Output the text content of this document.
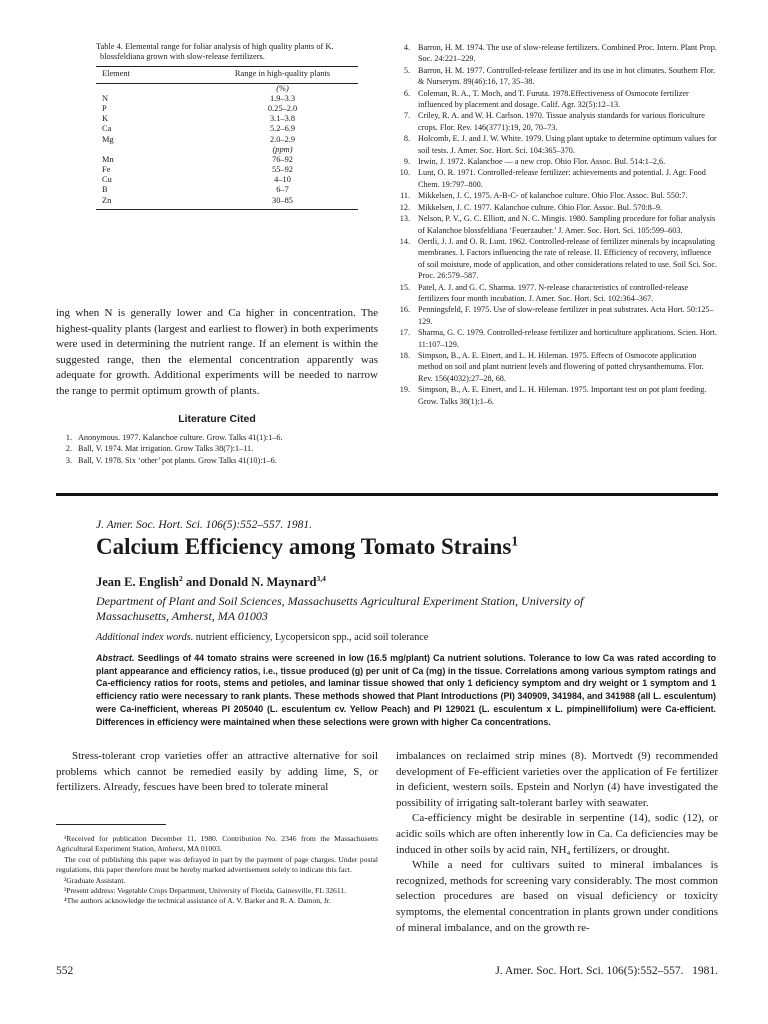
Table 4. Elemental range for foliar analysis of high quality plants of K. blossfeldiana grown with slow-release fertilizers.

Element	Range in high-quality plants
(%)
N	1.9–3.3
P	0.25–2.0
K	3.1–3.8
Ca	5.2–6.9
Mg	2.0–2.9
(ppm)
Mn	76–92
Fe	55–92
Cu	4–10
B	6–7
Zn	30–85
ing when N is generally lower and Ca higher in concentration. The highest-quality plants (largest and earliest to flower) in both experiments were used in determining the nutrient range. If an element is within the suggested range, then the elemental concentration apparently was adequate for growth. Additional experiments will be needed to narrow the range to permit optimum growth of plants.
Literature Cited
1. Anonymous. 1977. Kalanchoe culture. Grow. Talks 41(1):1–6.
2. Ball, V. 1974. Mat irrigation. Grow Talks 38(7):1–11.
3. Ball, V. 1978. Six ‘other’ pot plants. Grow Talks 41(10):1–6.
4. Barron, H. M. 1974. The use of slow-release fertilizers. Combined Proc. Intern. Plant Prop. Soc. 24:221–229.
5. Barron, H. M. 1977. Controlled-release fertilizer and its use in hot climates. Southern Flor. & Nurserym. 89(46):16, 17, 35–38.
6. Coleman, R. A., T. Moch, and T. Furuta. 1978.Effectiveness of Osmocote fertilizer influenced by placement and dosage. Calif. Agr. 32(5):12–13.
7. Criley, R. A. and W. H. Carlson. 1970. Tissue analysis standards for various floriculture crops. Flor. Rev. 146(3771):19, 20, 70–73.
8. Holcomb, E. J. and J. W. White. 1979. Using plant uptake to determine optimum values for soil tests. J. Amer. Soc. Hort. Sci. 104:365–370.
9. Irwin, J. 1972. Kalanchoe — a new crop. Ohio Flor. Assoc. Bul. 514:1–2,6.
10. Lunt, O. R. 1971. Controlled-release fertilizer: achievements and potential. J. Agr. Food Chem. 19:797–800.
11. Mikkelsen, J. C. 1975. A-B-C- of kalanchoe culture. Ohio Flor. Assoc. Bul. 550:7.
12. Mikkelsen, J. C. 1977. Kalanchoe culture. Ohio Flor. Assoc. Bul. 570:8–9.
13. Nelson, P. V., G. C. Elliott, and N. C. Mingis. 1980. Sampling procedure for foliar analysis of Kalanchoe blossfeldiana ‘Feuerzauber.’ J. Amer. Soc. Hort. Sci. 105:599–603.
14. Oertli, J. J. and O. R. Lunt. 1962. Controlled-release of fertilizer minerals by incapsulating membranes. I. Factors influencing the rate of release. II. Efficiency of recovery, influence of soil moisture, mode of application, and other considerations related to use. Soil Sci. Soc. Proc. 26:579–587.
15. Patel, A. J. and G. C. Sharma. 1977. N-release characteristics of controlled-release fertilizers four month incubation. J. Amer. Soc. Hort. Sci. 102:364–367.
16. Penningsfeld, F. 1975. Use of slow-release fertilizer in peat substrates. Acta Hort. 50:125–129.
17. Sharma, G. C. 1979. Controlled-release fertilizer and horticulture applications. Scien. Hort. 11:107–129.
18. Simpson, B., A. E. Einert, and L. H. Hileman. 1975. Effects of Osmocote application method on soil and plant nutrient levels and flowering of potted chrysanthemums. Flor. Rev. 156(4032):27–28, 68.
19. Simpson, B., A. E. Einert, and L. H. Hileman. 1975. Important test on pot plant feeding. Grow. Talks 38(1):1–6.
J. Amer. Soc. Hort. Sci. 106(5):552–557. 1981.
Calcium Efficiency among Tomato Strains$^1$
Jean E. English$^2$ and Donald N. Maynard$^{3,4}$
Department of Plant and Soil Sciences, Massachusetts Agricultural Experiment Station, University of Massachusetts, Amherst, MA 01003
Additional index words. nutrient efficiency, Lycopersicon spp., acid soil tolerance
Abstract. Seedlings of 44 tomato strains were screened in low (16.5 mg/plant) Ca nutrient solutions. Tolerance to low Ca was rated according to plant appearance and efficiency ratios, i.e., tissue produced (g) per unit of Ca (mg) in the tissue. Correlations among various symptom ratings and Ca-efficiency ratios for roots, stems and petioles, and laminar tissue showed that only 1 deficiency symptom and dry weight or 1 symptom and 1 efficiency ratio were necessary to rank plants. These methods showed that Plant Introductions (PI) 340909, 341984, and 341988 (all L. esculentum) were Ca-inefficient, whereas PI 205040 (L. esculentum cv. Yellow Peach) and PI 129021 (L. esculentum x L. pimpinellifolium) were Ca-efficient. Differences in efficiency were maintained when these selections were grown with higher Ca concentrations.

Stress-tolerant crop varieties offer an attractive alternative for soil problems which cannot be remedied easily by adding lime, S, or fertilizers. Already, fescues have been bred to tolerate mineral

¹Received for publication December 11, 1980. Contribution No. 2346 from the Massachusetts Agricultural Experiment Station, Amherst, MA 01003.

The cost of publishing this paper was defrayed in part by the payment of page charges. Under postal regulations, this paper therefore must be hereby marked advertisement solely to indicate this fact.

²Graduate Assistant.

³Present address: Vegetable Crops Department, University of Florida, Gainesville, FL 32611.

⁴The authors acknowledge the technical assistance of A. V. Barker and R. A. Damon, Jr.

imbalances on reclaimed strip mines (8). Mortvedt (9) recommended development of Fe-efficient varieties over the application of Fe fertilizer in deficient, western soils. Epstein and Norlyn (4) have investigated the possibility of irrigating salt-tolerant barley with seawater.

Ca-efficiency might be desirable in serpentine (14), sodic (12), or acidic soils which are often inherently low in Ca. Ca deficiencies may be induced in other soils by acid rain, NH₄ fertilizers, or drought.

While a need for cultivars suited to mineral imbalances is recognized, methods for screening vary considerably. The most common selection procedures are based on visual deficiency or toxicity symptoms, the elemental concentration in plants grown under conditions of mineral imbalance, and on the growth re-

552	J. Amer. Soc. Hort. Sci. 106(5):552–557.   1981.
